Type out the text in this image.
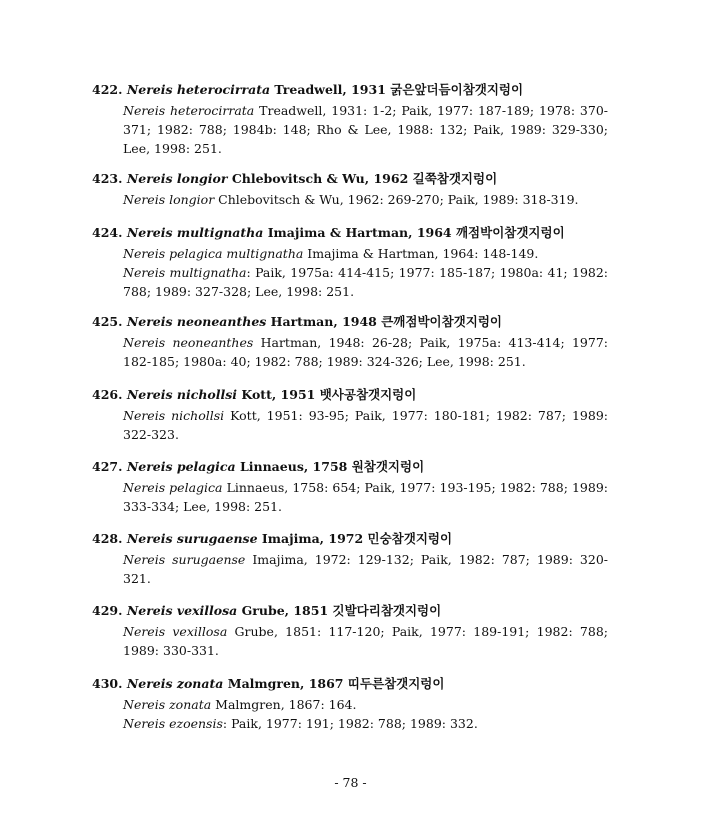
422. Nereis heterocirrata Treadwell, 1931 굵은앞더듬이참갯지렁이
Nereis heterocirrata Treadwell, 1931: 1-2; Paik, 1977: 187-189; 1978: 370-371; 1982: 788; 1984b: 148; Rho & Lee, 1988: 132; Paik, 1989: 329-330; Lee, 1998: 251.
423. Nereis longior Chlebovitsch & Wu, 1962 길쭉참갯지렁이
Nereis longior Chlebovitsch & Wu, 1962: 269-270; Paik, 1989: 318-319.
424. Nereis multignatha Imajima & Hartman, 1964 깨점박이참갯지렁이
Nereis pelagica multignatha Imajima & Hartman, 1964: 148-149.
Nereis multignatha: Paik, 1975a: 414-415; 1977: 185-187; 1980a: 41; 1982: 788; 1989: 327-328; Lee, 1998: 251.
425. Nereis neoneanthes Hartman, 1948 큰깨점박이참갯지렁이
Nereis neoneanthes Hartman, 1948: 26-28; Paik, 1975a: 413-414; 1977: 182-185; 1980a: 40; 1982: 788; 1989: 324-326; Lee, 1998: 251.
426. Nereis nichollsi Kott, 1951 뱃사공참갯지렁이
Nereis nichollsi Kott, 1951: 93-95; Paik, 1977: 180-181; 1982: 787; 1989: 322-323.
427. Nereis pelagica Linnaeus, 1758 원참갯지렁이
Nereis pelagica Linnaeus, 1758: 654; Paik, 1977: 193-195; 1982: 788; 1989: 333-334; Lee, 1998: 251.
428. Nereis surugaense Imajima, 1972 민숭참갯지렁이
Nereis surugaense Imajima, 1972: 129-132; Paik, 1982: 787; 1989: 320-321.
429. Nereis vexillosa Grube, 1851 깃발다리참갯지렁이
Nereis vexillosa Grube, 1851: 117-120; Paik, 1977: 189-191; 1982: 788; 1989: 330-331.
430. Nereis zonata Malmgren, 1867 띠두른참갯지렁이
Nereis zonata Malmgren, 1867: 164.
Nereis ezoensis: Paik, 1977: 191; 1982: 788; 1989: 332.
- 78 -
